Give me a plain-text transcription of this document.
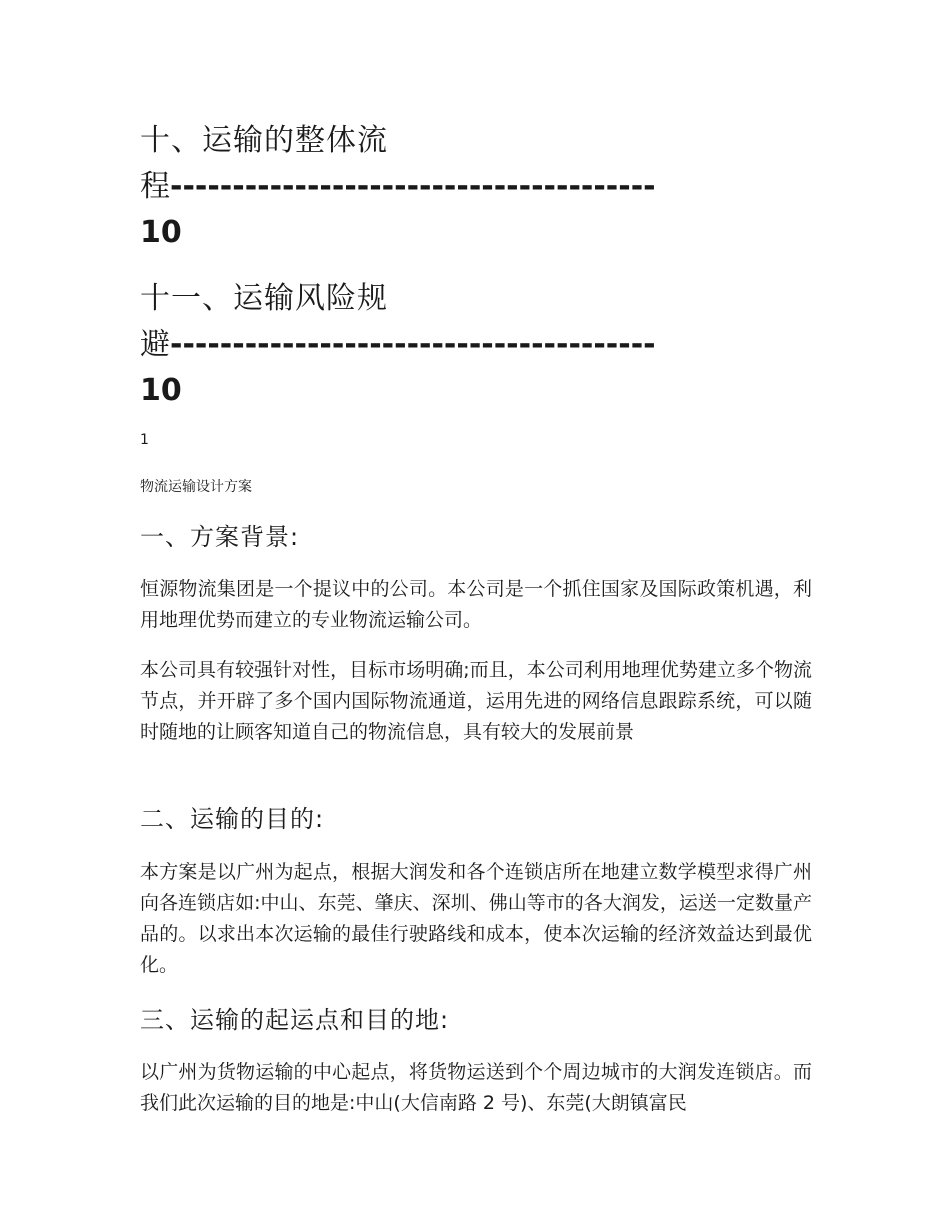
十、运输的整体流
程---------------------------------------
10
十一、运输风险规
避---------------------------------------
10
1
物流运输设计方案
一、方案背景:

恒源物流集团是一个提议中的公司。本公司是一个抓住国家及国际政策机遇，利用地理优势而建立的专业物流运输公司。

本公司具有较强针对性，目标市场明确;而且，本公司利用地理优势建立多个物流节点，并开辟了多个国内国际物流通道，运用先进的网络信息跟踪系统，可以随时随地的让顾客知道自己的物流信息，具有较大的发展前景

二、运输的目的:

本方案是以广州为起点，根据大润发和各个连锁店所在地建立数学模型求得广州向各连锁店如:中山、东莞、肇庆、深圳、佛山等市的各大润发，运送一定数量产品的。以求出本次运输的最佳行驶路线和成本，使本次运输的经济效益达到最优化。

三、运输的起运点和目的地:

以广州为货物运输的中心起点，将货物运送到个个周边城市的大润发连锁店。而我们此次运输的目的地是:中山(大信南路 2 号)、东莞(大朗镇富民
